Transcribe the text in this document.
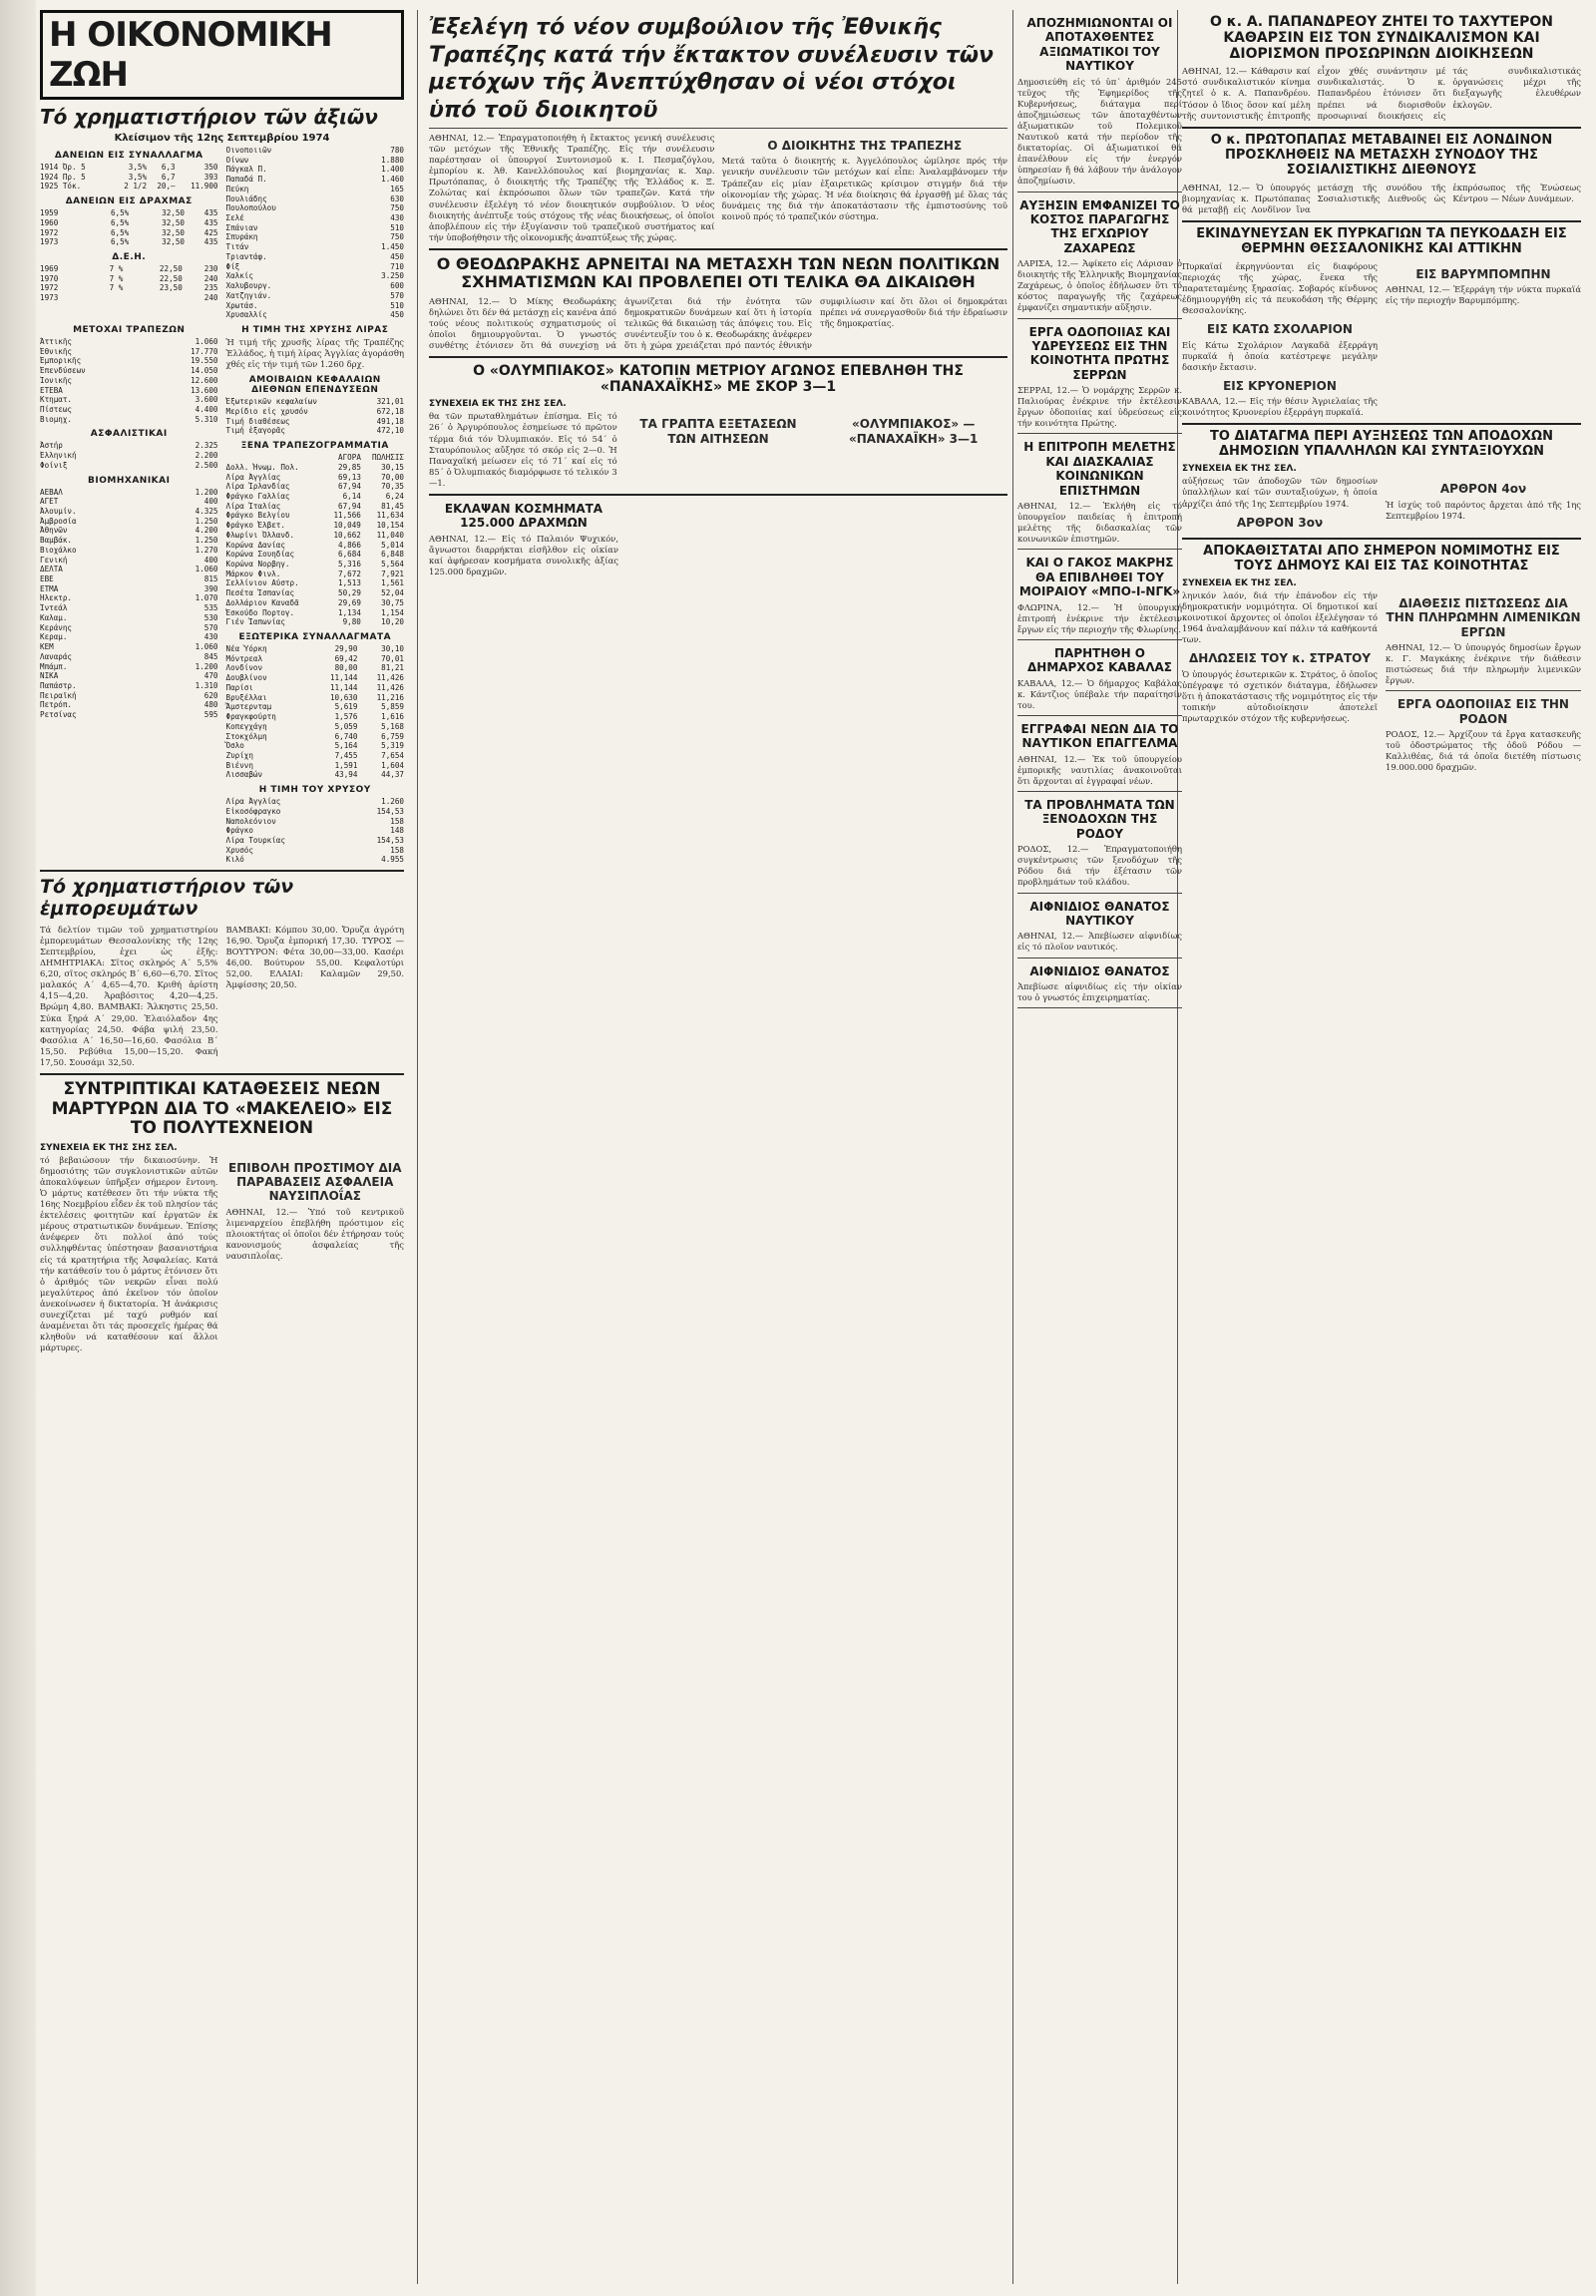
Η ΟΙΚΟΝΟΜΙΚΗ ΖΩΗ
Τό χρηματιστήριον τῶν ἀξιῶν
Κλείσιμον τῆς 12ης Σεπτεμβρίου 1974
ΔΑΝΕΙΩΝ ΕΙΣ ΣΥΝΑΛΛΑΓΜΑ
1914 Όρ. 5	3,5%	6,3	350
1924 Πρ. 5	3,5%	6,7	393
1925 Τόκ.	2 1/2	20,—	11.900
ΔΑΝΕΙΩΝ ΕΙΣ ΔΡΑΧΜΑΣ
1959	6,5%	32,50	435
1960	6,5%	32,50	435
1972	6,5%	32,50	425
1973	6,5%	32,50	435
Δ.Ε.Η.
1969	7 %	22,50	230
1970	7 %	22,50	240
1972	7 %	23,50	235
1973			240
Οινοποιιῶν	780
Οίνων	1.880
Πάγκαλ Π.	1.400
Παπαδά Π.	1.460
Πεύκη	165
Πουλιάδης	630
Πουλοπούλου	750
Σελέ	430
Σπάνιαν	510
Σπυράκη	750
Τιτάν	1.450
Τριαντάφ.	450
Φίξ	710
Χαλκίς	3.250
Χαλυβουργ.	600
Χατζηγιάν.	570
Χρωτάσ.	510
Χρυσαλλίς	450
ΜΕΤΟΧΑΙ ΤΡΑΠΕΖΩΝ
Άττικῆς	1.060
Ἐθνικῆς	17.770
Ἐμπορικῆς	19.550
Ἐπενδύσεων	14.050
Ἰονικῆς	12.600
ΕΤΕΒΑ	13.600
Κτηματ.	3.600
Πίστεως	4.400
Βιομηχ.	5.310
ΑΣΦΑΛΙΣΤΙΚΑΙ
Ἀστήρ	2.325
Ἑλληνική	2.200
Φοίνιξ	2.500
ΒΙΟΜΗΧΑΝΙΚΑΙ
ΑΕΒΑΛ	1.200
ΑΓΕΤ	400
Ἀλουμίν.	4.325
Ἀμβροσία	1.250
Ἀθηνῶν	4.200
Βαμβάκ.	1.250
Βιοχάλκο	1.270
Γενική	400
ΔΕΛΤΑ	1.060
ΕΒΕ	815
ΕΤΜΑ	390
Ἠλεκτρ.	1.070
Ἰντεάλ	535
Καλαμ.	530
Κεράνης	570
Κεραμ.	430
ΚΕΜ	1.060
Λαναράς	845
Μπάμπ.	1.200
ΝΙΚΑ	470
Παπάστρ.	1.310
Πειραϊκή	620
Πετρόπ.	480
Ρετσίνας	595
Η ΤΙΜΗ ΤΗΣ ΧΡΥΣΗΣ ΛΙΡΑΣ
Ἡ τιμή τῆς χρυσῆς λίρας τῆς Τραπέζης Ἑλλάδος, ἡ τιμή λίρας Ἀγγλίας ἀγοράσθη χθές εἰς τήν τιμή τῶν 1.260 δρχ.
ΑΜΟΙΒΑΙΩΝ ΚΕΦΑΛΑΙΩΝ ΔΙΕΘΝΩΝ ΕΠΕΝΔΥΣΕΩΝ
Ἐξωτερικῶν κεφαλαίων	321,01
Μερίδιο εἰς χρυσόν	672,18
Τιμή διαθέσεως	491,18
Τιμή ἐξαγορᾶς	472,10
ΞΕΝΑ ΤΡΑΠΕΖΟΓΡΑΜΜΑΤΙΑ
	ΑΓΟΡΑ	ΠΩΛΗΣΙΣ
Δολλ. Ἡνωμ. Πολ.	29,85	30,15
Λίρα Ἀγγλίας	69,13	70,00
Λίρα Ἰρλανδίας	67,94	70,35
Φράγκο Γαλλίας	6,14	6,24
Λίρα Ἰταλίας	67,94	81,45
Φράγκο Βελγίου	11,566	11,634
Φράγκο Ἑλβετ.	10,049	10,154
Φλωρίνι Ὀλλανδ.	10,662	11,040
Κορώνα Δανίας	4,866	5,014
Κορώνα Σουηδίας	6,684	6,848
Κορώνα Νορβηγ.	5,316	5,564
Μάρκον Φινλ.	7,672	7,921
Σελλίνιον Αὐστρ.	1,513	1,561
Πεσέτα Ἱσπανίας	50,29	52,04
Δολλάριον Καναδᾶ	29,69	30,75
Ἐσκούδο Πορτογ.	1,134	1,154
Γιέν Ἰαπωνίας	9,80	10,20
ΕΞΩΤΕΡΙΚΑ ΣΥΝΑΛΛΑΓΜΑΤΑ
Νέα Ὑόρκη	29,90	30,10
Μόντρεαλ	69,42	70,01
Λονδίνον	80,00	81,21
Δουβλίνον	11,144	11,426
Παρίσι	11,144	11,426
Βρυξέλλαι	10,630	11,216
Ἄμστερνταμ	5,619	5,859
Φραγκφούρτη	1,576	1,616
Κοπεγχάγη	5,059	5,168
Στοκχόλμη	6,740	6,759
Ὄσλο	5,164	5,319
Ζυρίχη	7,455	7,654
Βιέννη	1,591	1,604
Λισσαβών	43,94	44,37
Η ΤΙΜΗ ΤΟΥ ΧΡΥΣΟΥ
Λίρα Ἀγγλίας	1.260
Εἰκοσόφραγκο	154,53
Ναπολεόνιον	158
Φράγκο	148
Λίρα Τουρκίας	154,53
Χρυσός	158
Κιλό	4.955
Τό χρηματιστήριον τῶν ἐμπορευμάτων
Τά δελτίον τιμῶν τοῦ χρηματιστηρίου ἐμπορευμάτων Θεσσαλονίκης τῆς 12ης Σεπτεμβρίου, ἐχει ὡς ἑξῆς: ΔΗΜΗΤΡΙΑΚΑ: Σῖτος σκληρός Α΄ 5,5% 6,20, σῖτος σκληρός Β΄ 6,60—6,70. Σῖτος μαλακός Α΄ 4,65—4,70. Κριθή ἀρίστη 4,15—4,20. Ἀραβόσιτος 4,20—4,25. Βρώμη 4,80. ΒΑΜΒΑΚΙ: Ἄλκηστις 25,50. Σύκα ξηρά Α΄ 29,00. Ἐλαιόλαδον 4ης κατηγορίας 24,50. Φάβα ψιλή 23,50. Φασόλια Α΄ 16,50—16,60. Φασόλια Β΄ 15,50. Ρεβύθια 15,00—15,20. Φακή 17,50. Σουσάμι 32,50.
ΒΑΜΒΑΚΙ: Κόμπου 30,00. Ὄρυζα ἀγρότη 16,90. Ὄρυζα ἐμπορική 17,30. ΤΥΡΟΣ — ΒΟΥΤΥΡΟΝ: Φέτα 30,00—33,00. Κασέρι 46,00. Βούτυρον 55,00. Κεφαλοτύρι 52,00. ΕΛΑΙΑΙ: Καλαμῶν 29,50. Ἀμφίσσης 20,50.
ΣΥΝΤΡΙΠΤΙΚΑΙ ΚΑΤΑΘΕΣΕΙΣ ΝΕΩΝ ΜΑΡΤΥΡΩΝ ΔΙΑ ΤΟ «ΜΑΚΕΛΕΙΟ» ΕΙΣ ΤΟ ΠΟΛΥΤΕΧΝΕΙΟΝ
ΣΥΝΕΧΕΙΑ ΕΚ ΤΗΣ ΣΗΣ ΣΕΛ.
τό βεβαιώσουν τήν δικαιοσύνην. Ἡ δημοσιότης τῶν συγκλονιστικῶν αὐτῶν ἀποκαλύψεων ὑπῆρξεν σήμερον ἔντονη. Ὁ μάρτυς κατέθεσεν ὅτι τήν νύκτα τῆς 16ης Νοεμβρίου εἶδεν ἐκ τοῦ πλησίον τάς ἐκτελέσεις φοιτητῶν καί ἐργατῶν ἐκ μέρους στρατιωτικῶν δυνάμεων. Ἐπίσης ἀνέφερεν ὅτι πολλοί ἀπό τούς συλληφθέντας ὑπέστησαν βασανιστήρια εἰς τά κρατητήρια τῆς Ἀσφαλείας. Κατά τήν κατάθεσίν του ὁ μάρτυς ἐτόνισεν ὅτι ὁ ἀριθμός τῶν νεκρῶν εἶναι πολύ μεγαλύτερος ἀπό ἐκεῖνον τόν ὁποῖον ἀνεκοίνωσεν ἡ δικτατορία. Ἡ ἀνάκρισις συνεχίζεται μέ ταχύ ρυθμόν καί ἀναμένεται ὅτι τάς προσεχεῖς ἡμέρας θά κληθοῦν νά καταθέσουν καί ἄλλοι μάρτυρες.
ΕΠΙΒΟΛΗ ΠΡΟΣΤΙΜΟΥ ΔΙΑ ΠΑΡΑΒΑΣΕΙΣ ΑΣΦΑΛΕΙΑ ΝΑΥΣΙΠΛΟΐΑΣ
ΑΘΗΝΑΙ, 12.— Ὑπό τοῦ κεντρικοῦ λιμεναρχείου ἐπεβλήθη πρόστιμον εἰς πλοιοκτήτας οἱ ὁποῖοι δέν ἐτήρησαν τούς κανονισμούς ἀσφαλείας τῆς ναυσιπλοΐας.
Ἐξελέγη τό νέον συμβούλιον τῆς Ἐθνικῆς Τραπέζης κατά τήν ἔκτακτον συνέλευσιν τῶν μετόχων τῆς Ἀνεπτύχθησαν οἱ νέοι στόχοι ὑπό τοῦ διοικητοῦ
ΑΘΗΝΑΙ, 12.— Ἐπραγματοποιήθη ἡ ἔκτακτος γενική συνέλευσις τῶν μετόχων τῆς Ἐθνικῆς Τραπέζης. Εἰς τήν συνέλευσιν παρέστησαν οἱ ὑπουργοί Συντονισμοῦ κ. Ι. Πεσμαζόγλου, ἐμπορίου κ. Ἀθ. Κανελλόπουλος καί βιομηχανίας κ. Χαρ. Πρωτόπαπας, ὁ διοικητής τῆς Τραπέζης τῆς Ἑλλάδος κ. Ξ. Ζολώτας καί ἐκπρόσωποι ὅλων τῶν τραπεζῶν. Κατά τήν συνέλευσιν ἐξελέγη τό νέον διοικητικόν συμβούλιον. Ὁ νέος διοικητής ἀνέπτυξε τούς στόχους τῆς νέας διοικήσεως, οἱ ὁποῖοι ἀποβλέπουν εἰς τήν ἐξυγίανσιν τοῦ τραπεζικοῦ συστήματος καί τήν ὑποβοήθησιν τῆς οἰκονομικῆς ἀναπτύξεως τῆς χώρας.
Ο ΔΙΟΙΚΗΤΗΣ ΤΗΣ ΤΡΑΠΕΖΗΣ
Μετά ταῦτα ὁ διοικητής κ. Ἀγγελόπουλος ὡμίλησε πρός τήν γενικήν συνέλευσιν τῶν μετόχων καί εἶπε: Ἀναλαμβάνομεν τήν Τράπεζαν εἰς μίαν ἐξαιρετικῶς κρίσιμον στιγμήν διά τήν οἰκονομίαν τῆς χώρας. Ἡ νέα διοίκησις θά ἐργασθῇ μέ ὅλας τάς δυνάμεις της διά τήν ἀποκατάστασιν τῆς ἐμπιστοσύνης τοῦ κοινοῦ πρός τό τραπεζικόν σύστημα.
Ο ΘΕΟΔΩΡΑΚΗΣ ΑΡΝΕΙΤΑΙ ΝΑ ΜΕΤΑΣΧΗ ΤΩΝ ΝΕΩΝ ΠΟΛΙΤΙΚΩΝ ΣΧΗΜΑΤΙΣΜΩΝ ΚΑΙ ΠΡΟΒΛΕΠΕΙ ΟΤΙ ΤΕΛΙΚΑ ΘΑ ΔΙΚΑΙΩΘΗ
ΑΘΗΝΑΙ, 12.— Ὁ Μίκης Θεοδωράκης δηλώνει ὅτι δέν θά μετάσχῃ εἰς κανένα ἀπό τούς νέους πολιτικούς σχηματισμούς οἱ ὁποῖοι δημιουργοῦνται. Ὁ γνωστός συνθέτης ἐτόνισεν ὅτι θά συνεχίσῃ νά ἀγωνίζεται διά τήν ἐνότητα τῶν δημοκρατικῶν δυνάμεων καί ὅτι ἡ ἱστορία τελικῶς θά δικαιώσῃ τάς ἀπόψεις του. Εἰς συνέντευξίν του ὁ κ. Θεοδωράκης ἀνέφερεν ὅτι ἡ χώρα χρειάζεται πρό παντός ἐθνικήν συμφιλίωσιν καί ὅτι ὅλοι οἱ δημοκράται πρέπει νά συνεργασθοῦν διά τήν ἑδραίωσιν τῆς δημοκρατίας.
Ο «ΟΛΥΜΠΙΑΚΟΣ» ΚΑΤΟΠΙΝ ΜΕΤΡΙΟΥ ΑΓΩΝΟΣ ΕΠΕΒΛΗΘΗ ΤΗΣ «ΠΑΝΑΧΑΪΚΗΣ» ΜΕ ΣΚΟΡ 3—1
ΣΥΝΕΧΕΙΑ ΕΚ ΤΗΣ ΣΗΣ ΣΕΛ.
θα τῶν πρωταθλημάτων ἐπίσημα. Εἰς τό 26΄ ὁ Ἀργυρόπουλος ἐσημείωσε τό πρῶτον τέρμα διά τόν Ὀλυμπιακόν. Εἰς τό 54΄ ὁ Σταυρόπουλος αὔξησε τό σκόρ εἰς 2—0. Ἡ Παναχαϊκή μείωσεν εἰς τό 71΄ καί εἰς τό 85΄ ὁ Ὀλυμπιακός διαμόρφωσε τό τελικόν 3—1.
ΤΑ ΓΡΑΠΤΑ ΕΞΕΤΑΣΕΩΝ ΤΩΝ ΑΙΤΗΣΕΩΝ
«ΟΛΥΜΠΙΑΚΟΣ» — «ΠΑΝΑΧΑΪΚΗ» 3—1
ΕΚΛΑΨΑΝ ΚΟΣΜΗΜΑΤΑ 125.000 ΔΡΑΧΜΩΝ
ΑΘΗΝΑΙ, 12.— Εἰς τό Παλαιόν Ψυχικόν, ἄγνωστοι διαρρήκται εἰσῆλθον εἰς οἰκίαν καί ἀφήρεσαν κοσμήματα συνολικῆς ἀξίας 125.000 δραχμῶν.
ΑΠΟΖΗΜΙΩΝΟΝΤΑΙ ΟΙ ΑΠΟΤΑΧΘΕΝΤΕΣ ΑΞΙΩΜΑΤΙΚΟΙ ΤΟΥ ΝΑΥΤΙΚΟΥ
Δημοσιεύθη εἰς τό ὑπ΄ ἀριθμόν 245 τεῦχος τῆς Ἐφημερίδος τῆς Κυβερνήσεως, διάταγμα περί ἀποζημιώσεως τῶν ἀποταχθέντων ἀξιωματικῶν τοῦ Πολεμικοῦ Ναυτικοῦ κατά τήν περίοδον τῆς δικτατορίας. Οἱ ἀξιωματικοί θά ἐπανέλθουν εἰς τήν ἐνεργόν ὑπηρεσίαν ἤ θά λάβουν τήν ἀνάλογον ἀποζημίωσιν.
ΑΥΞΗΣΙΝ ΕΜΦΑΝΙΖΕΙ ΤΟ ΚΟΣΤΟΣ ΠΑΡΑΓΩΓΗΣ ΤΗΣ ΕΓΧΩΡΙΟΥ ΖΑΧΑΡΕΩΣ
ΛΑΡΙΣΑ, 12.— Ἀφίκετο εἰς Λάρισαν ὁ διοικητής τῆς Ἑλληνικῆς Βιομηχανίας Ζαχάρεως, ὁ ὁποῖος ἐδήλωσεν ὅτι τό κόστος παραγωγῆς τῆς ζαχάρεως ἐμφανίζει σημαντικήν αὔξησιν.
ΕΡΓΑ ΟΔΟΠΟΙΙΑΣ ΚΑΙ ΥΔΡΕΥΣΕΩΣ ΕΙΣ ΤΗΝ ΚΟΙΝΟΤΗΤΑ ΠΡΩΤΗΣ ΣΕΡΡΩΝ
ΣΕΡΡΑΙ, 12.— Ὁ νομάρχης Σερρῶν κ. Παλιούρας ἐνέκρινε τήν ἐκτέλεσιν ἔργων ὁδοποιίας καί ὑδρεύσεως εἰς τήν κοινότητα Πρώτης.
Η ΕΠΙΤΡΟΠΗ ΜΕΛΕΤΗΣ ΚΑΙ ΔΙΑΣΚΑΛΙΑΣ ΚΟΙΝΩΝΙΚΩΝ ΕΠΙΣΤΗΜΩΝ
ΑΘΗΝΑΙ, 12.— Ἐκλήθη εἰς τό ὑπουργεῖον παιδείας ἡ ἐπιτροπή μελέτης τῆς διδασκαλίας τῶν κοινωνικῶν ἐπιστημῶν.
ΚΑΙ Ο ΓΑΚΟΣ ΜΑΚΡΗΣ ΘΑ ΕΠΙΒΛΗΘΕΙ ΤΟΥ ΜΟΙΡΑΙΟΥ «ΜΠΟ-Ι-ΝΓΚ»
ΦΛΩΡΙΝΑ, 12.— Ἡ ὑπουργική ἐπιτροπή ἐνέκρινε τήν ἐκτέλεσιν ἔργων εἰς τήν περιοχήν τῆς Φλωρίνης.
ΠΑΡΗΤΗΘΗ Ο ΔΗΜΑΡΧΟΣ ΚΑΒΑΛΑΣ
ΚΑΒΑΛΑ, 12.— Ὁ δήμαρχος Καβάλας κ. Κάντζιος ὑπέβαλε τήν παραίτησίν του.
ΕΓΓΡΑΦΑΙ ΝΕΩΝ ΔΙΑ ΤΟ ΝΑΥΤΙΚΟΝ ΕΠΑΓΓΕΛΜΑ
ΑΘΗΝΑΙ, 12.— Ἐκ τοῦ ὑπουργείου ἐμπορικῆς ναυτιλίας ἀνακοινοῦται ὅτι ἄρχονται αἱ ἐγγραφαί νέων.
ΤΑ ΠΡΟΒΛΗΜΑΤΑ ΤΩΝ ΞΕΝΟΔΟΧΩΝ ΤΗΣ ΡΟΔΟΥ
ΡΟΔΟΣ, 12.— Ἐπραγματοποιήθη συγκέντρωσις τῶν ξενοδόχων τῆς Ρόδου διά τήν ἐξέτασιν τῶν προβλημάτων τοῦ κλάδου.
ΑΙΦΝΙΔΙΟΣ ΘΑΝΑΤΟΣ ΝΑΥΤΙΚΟΥ
ΑΘΗΝΑΙ, 12.— Ἀπεβίωσεν αἰφνιδίως εἰς τό πλοῖον ναυτικός.
ΑΙΦΝΙΔΙΟΣ ΘΑΝΑΤΟΣ
Ἀπεβίωσε αἰφνιδίως εἰς τήν οἰκίαν του ὁ γνωστός ἐπιχειρηματίας.
Ο κ. Α. ΠΑΠΑΝΔΡΕΟΥ ΖΗΤΕΙ ΤΟ ΤΑΧΥΤΕΡΟΝ ΚΑΘΑΡΣΙΝ ΕΙΣ ΤΟΝ ΣΥΝΔΙΚΑΛΙΣΜΟΝ ΚΑΙ ΔΙΟΡΙΣΜΟΝ ΠΡΟΣΩΡΙΝΩΝ ΔΙΟΙΚΗΣΕΩΝ
ΑΘΗΝΑΙ, 12.— Κάθαρσιν καί στό συνδικαλιστικόν κίνημα ζητεῖ ὁ κ. Α. Παπανδρέου. Τόσον ὁ ἴδιος ὅσον καί μέλη τῆς συντονιστικῆς ἐπιτροπῆς εἶχον χθές συνάντησιν μέ συνδικαλιστάς. Ὁ κ. Παπανδρέου ἐτόνισεν ὅτι πρέπει νά διορισθοῦν προσωριναί διοικήσεις εἰς τάς συνδικαλιστικάς ὀργανώσεις μέχρι τῆς διεξαγωγῆς ἐλευθέρων ἐκλογῶν.
Ο κ. ΠΡΩΤΟΠΑΠΑΣ ΜΕΤΑΒΑΙΝΕΙ ΕΙΣ ΛΟΝΔΙΝΟΝ ΠΡΟΣΚΛΗΘΕΙΣ ΝΑ ΜΕΤΑΣΧΗ ΣΥΝΟΔΟΥ ΤΗΣ ΣΟΣΙΑΛΙΣΤΙΚΗΣ ΔΙΕΘΝΟΥΣ
ΑΘΗΝΑΙ, 12.— Ὁ ὑπουργός βιομηχανίας κ. Πρωτόπαπας θά μεταβῇ εἰς Λονδῖνον ἵνα μετάσχῃ τῆς συνόδου τῆς Σοσιαλιστικῆς Διεθνοῦς ὡς ἐκπρόσωπος τῆς Ἑνώσεως Κέντρου — Νέων Δυνάμεων.
ΕΚΙΝΔΥΝΕΥΣΑΝ ΕΚ ΠΥΡΚΑΓΙΩΝ ΤΑ ΠΕΥΚΟΔΑΣΗ ΕΙΣ ΘΕΡΜΗΝ ΘΕΣΣΑΛΟΝΙΚΗΣ ΚΑΙ ΑΤΤΙΚΗΝ
Πυρκαϊαί ἐκρηγνύονται εἰς διαφόρους περιοχάς τῆς χώρας, ἕνεκα τῆς παρατεταμένης ξηρασίας. Σοβαρός κίνδυνος ἐδημιουργήθη εἰς τά πευκοδάση τῆς Θέρμης Θεσσαλονίκης.
ΕΙΣ ΚΑΤΩ ΣΧΟΛΑΡΙΟΝ
Εἰς Κάτω Σχολάριον Λαγκαδᾶ ἐξερράγη πυρκαϊά ἡ ὁποία κατέστρεψε μεγάλην δασικήν ἔκτασιν.
ΕΙΣ ΚΡΥΟΝΕΡΙΟΝ
ΚΑΒΑΛΑ, 12.— Εἰς τήν θέσιν Ἀγριελαίας τῆς κοινότητος Κρυονερίου ἐξερράγη πυρκαϊά.
ΕΙΣ ΒΑΡΥΜΠΟΜΠΗΝ
ΑΘΗΝΑΙ, 12.— Ἐξερράγη τήν νύκτα πυρκαϊά εἰς τήν περιοχήν Βαρυμπόμπης.
ΤΟ ΔΙΑΤΑΓΜΑ ΠΕΡΙ ΑΥΞΗΣΕΩΣ ΤΩΝ ΑΠΟΔΟΧΩΝ ΔΗΜΟΣΙΩΝ ΥΠΑΛΛΗΛΩΝ ΚΑΙ ΣΥΝΤΑΞΙΟΥΧΩΝ
ΣΥΝΕΧΕΙΑ ΕΚ ΤΗΣ ΣΕΛ.
αὐξήσεως τῶν ἀποδοχῶν τῶν δημοσίων ὑπαλλήλων καί τῶν συνταξιούχων, ἡ ὁποία ἀρχίζει ἀπό τῆς 1ης Σεπτεμβρίου 1974.
ΑΡΘΡΟΝ 3ον
ΑΡΘΡΟΝ 4ον
Ἡ ἰσχύς τοῦ παρόντος ἄρχεται ἀπό τῆς 1ης Σεπτεμβρίου 1974.
ΑΠΟΚΑΘΙΣΤΑΤΑΙ ΑΠΟ ΣΗΜΕΡΟΝ ΝΟΜΙΜΟΤΗΣ ΕΙΣ ΤΟΥΣ ΔΗΜΟΥΣ ΚΑΙ ΕΙΣ ΤΑΣ ΚΟΙΝΟΤΗΤΑΣ
ΣΥΝΕΧΕΙΑ ΕΚ ΤΗΣ ΣΕΛ.
ληνικόν λαόν, διά τήν ἐπάνοδον εἰς τήν δημοκρατικήν νομιμότητα. Οἱ δημοτικοί καί κοινοτικοί ἄρχοντες οἱ ὁποῖοι ἐξελέγησαν τό 1964 ἀναλαμβάνουν καί πάλιν τά καθήκοντά των.
ΔΗΛΩΣΕΙΣ ΤΟΥ κ. ΣΤΡΑΤΟΥ
Ὁ ὑπουργός ἐσωτερικῶν κ. Στράτος, ὁ ὁποῖος ὑπέγραψε τό σχετικόν διάταγμα, ἐδήλωσεν ὅτι ἡ ἀποκατάστασις τῆς νομιμότητος εἰς τήν τοπικήν αὐτοδιοίκησιν ἀποτελεῖ πρωταρχικόν στόχον τῆς κυβερνήσεως.
ΔΙΑΘΕΣΙΣ ΠΙΣΤΩΣΕΩΣ ΔΙΑ ΤΗΝ ΠΛΗΡΩΜΗΝ ΛΙΜΕΝΙΚΩΝ ΕΡΓΩΝ
ΑΘΗΝΑΙ, 12.— Ὁ ὑπουργός δημοσίων ἔργων κ. Γ. Μαγκάκης ἐνέκρινε τήν διάθεσιν πιστώσεως διά τήν πληρωμήν λιμενικῶν ἔργων.
ΕΡΓΑ ΟΔΟΠΟΙΙΑΣ ΕΙΣ ΤΗΝ ΡΟΔΟΝ
ΡΟΔΟΣ, 12.— Ἀρχίζουν τά ἔργα κατασκευῆς τοῦ ὁδοστρώματος τῆς ὁδοῦ Ρόδου — Καλλιθέας, διά τά ὁποῖα διετέθη πίστωσις 19.000.000 δραχμῶν.
